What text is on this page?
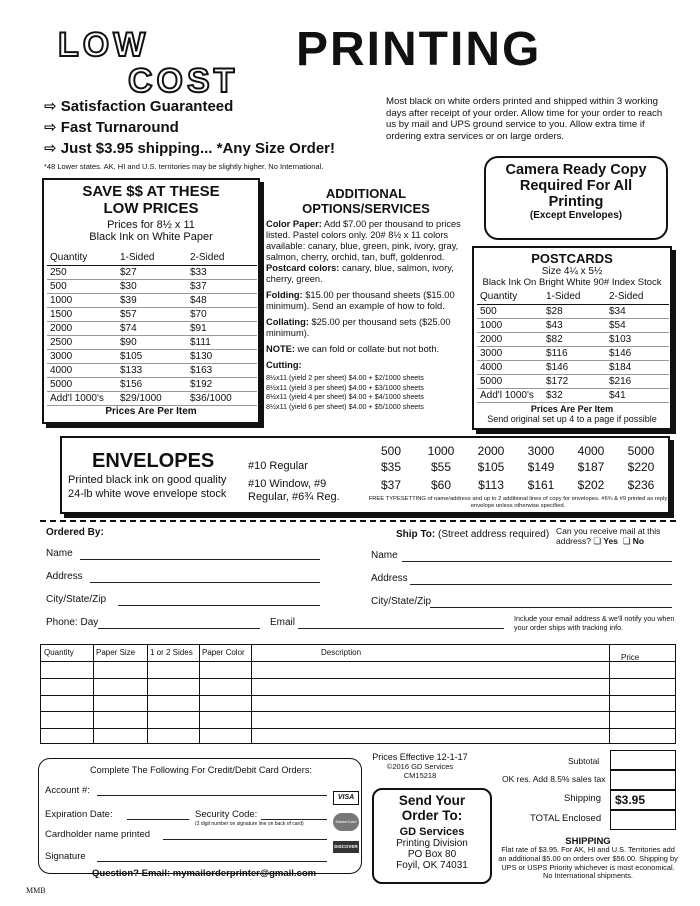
LOW
COST
PRINTING
⇨ Satisfaction Guaranteed
⇨ Fast Turnaround
⇨ Just $3.95 shipping... *Any Size Order!
*48 Lower states. AK, HI and U.S. territories may be slightly higher. No International.
Most black on white orders printed and shipped within 3 working days after receipt of your order. Allow time for your order to reach us by mail and UPS ground service to you. Allow extra time if ordering extra services or on large orders.
SAVE $$ AT THESE
LOW PRICES
Prices for 8½ x 11
Black Ink on White Paper
Quantity	1-Sided	2-Sided
250	$27	$33
500	$30	$37
1000	$39	$48
1500	$57	$70
2000	$74	$91
2500	$90	$111
3000	$105	$130
4000	$133	$163
5000	$156	$192
Add'l 1000's	$29/1000	$36/1000
Prices Are Per Item
ADDITIONAL
OPTIONS/SERVICES
Color Paper: Add $7.00 per thousand to prices listed. Pastel colors only. 20# 8½ x 11 colors available: canary, blue, green, pink, ivory, gray, salmon, cherry, orchid, tan, buff, goldenrod. Postcard colors: canary, blue, salmon, ivory, cherry, green.
Folding: $15.00 per thousand sheets ($15.00 minimum). Send an example of how to fold.
Collating: $25.00 per thousand sets ($25.00 minimum).
NOTE: we can fold or collate but not both.
Cutting:
8½x11 (yield 2 per sheet) $4.00 + $2/1000 sheets
8½x11 (yield 3 per sheet) $4.00 + $3/1000 sheets
8½x11 (yield 4 per sheet) $4.00 + $4/1000 sheets
8½x11 (yield 6 per sheet) $4.00 + $5/1000 sheets
Camera Ready Copy
Required For All
Printing
(Except Envelopes)
POSTCARDS
Size 4¼ x 5½
Black Ink On Bright White 90# Index Stock
Quantity	1-Sided	2-Sided
500	$28	$34
1000	$43	$54
2000	$82	$103
3000	$116	$146
4000	$146	$184
5000	$172	$216
Add'l 1000's	$32	$41
Prices Are Per Item
Send original set up 4 to a page if possible
ENVELOPES
Printed black ink on good quality
24-lb white wove envelope stock
#10 Regular
#10 Window, #9
Regular, #6¾ Reg.
500	1000	2000	3000	4000	5000
$35	$55	$105	$149	$187	$220
$37	$60	$113	$161	$202	$236
FREE TYPESETTING of name/address and up to 2 additional lines of copy for envelopes. #6¾ & #9 printed as reply envelope unless otherwise specified.
Ordered By:	Ship To: (Street address required) Can you receive mail at this address? ❏ Yes  ❏ No
Name	Name
Address	Address
City/State/Zip	City/State/Zip
Phone: Day	Email	Include your email address & we'll notify you when your order ships with tracking info.
Quantity	Paper Size 1 or 2 Sides Paper Color	Description
Price
Complete The Following For Credit/Debit Card Orders:
Account #:
Expiration Date:	Security Code:
(3 digit number on signature line on back of card)
Cardholder name printed
Signature
VISA
MasterCard
DISCOVER
Question? Email: mymailorderprinter@gmail.com
Prices Effective 12-1-17
©2016 GD Services
CM15218
Send Your
Order To:
GD Services
Printing Division
PO Box 80
Foyil, OK 74031
Subtotal
OK res. Add 8.5% sales tax
Shipping	$3.95
TOTAL Enclosed
SHIPPING
Flat rate of $3.95. For AK, HI and U.S. Territories add an additional $5.00 on orders over $56.00. Shipping by UPS or USPS Priority whichever is most economical. No International shipments.
MMB
